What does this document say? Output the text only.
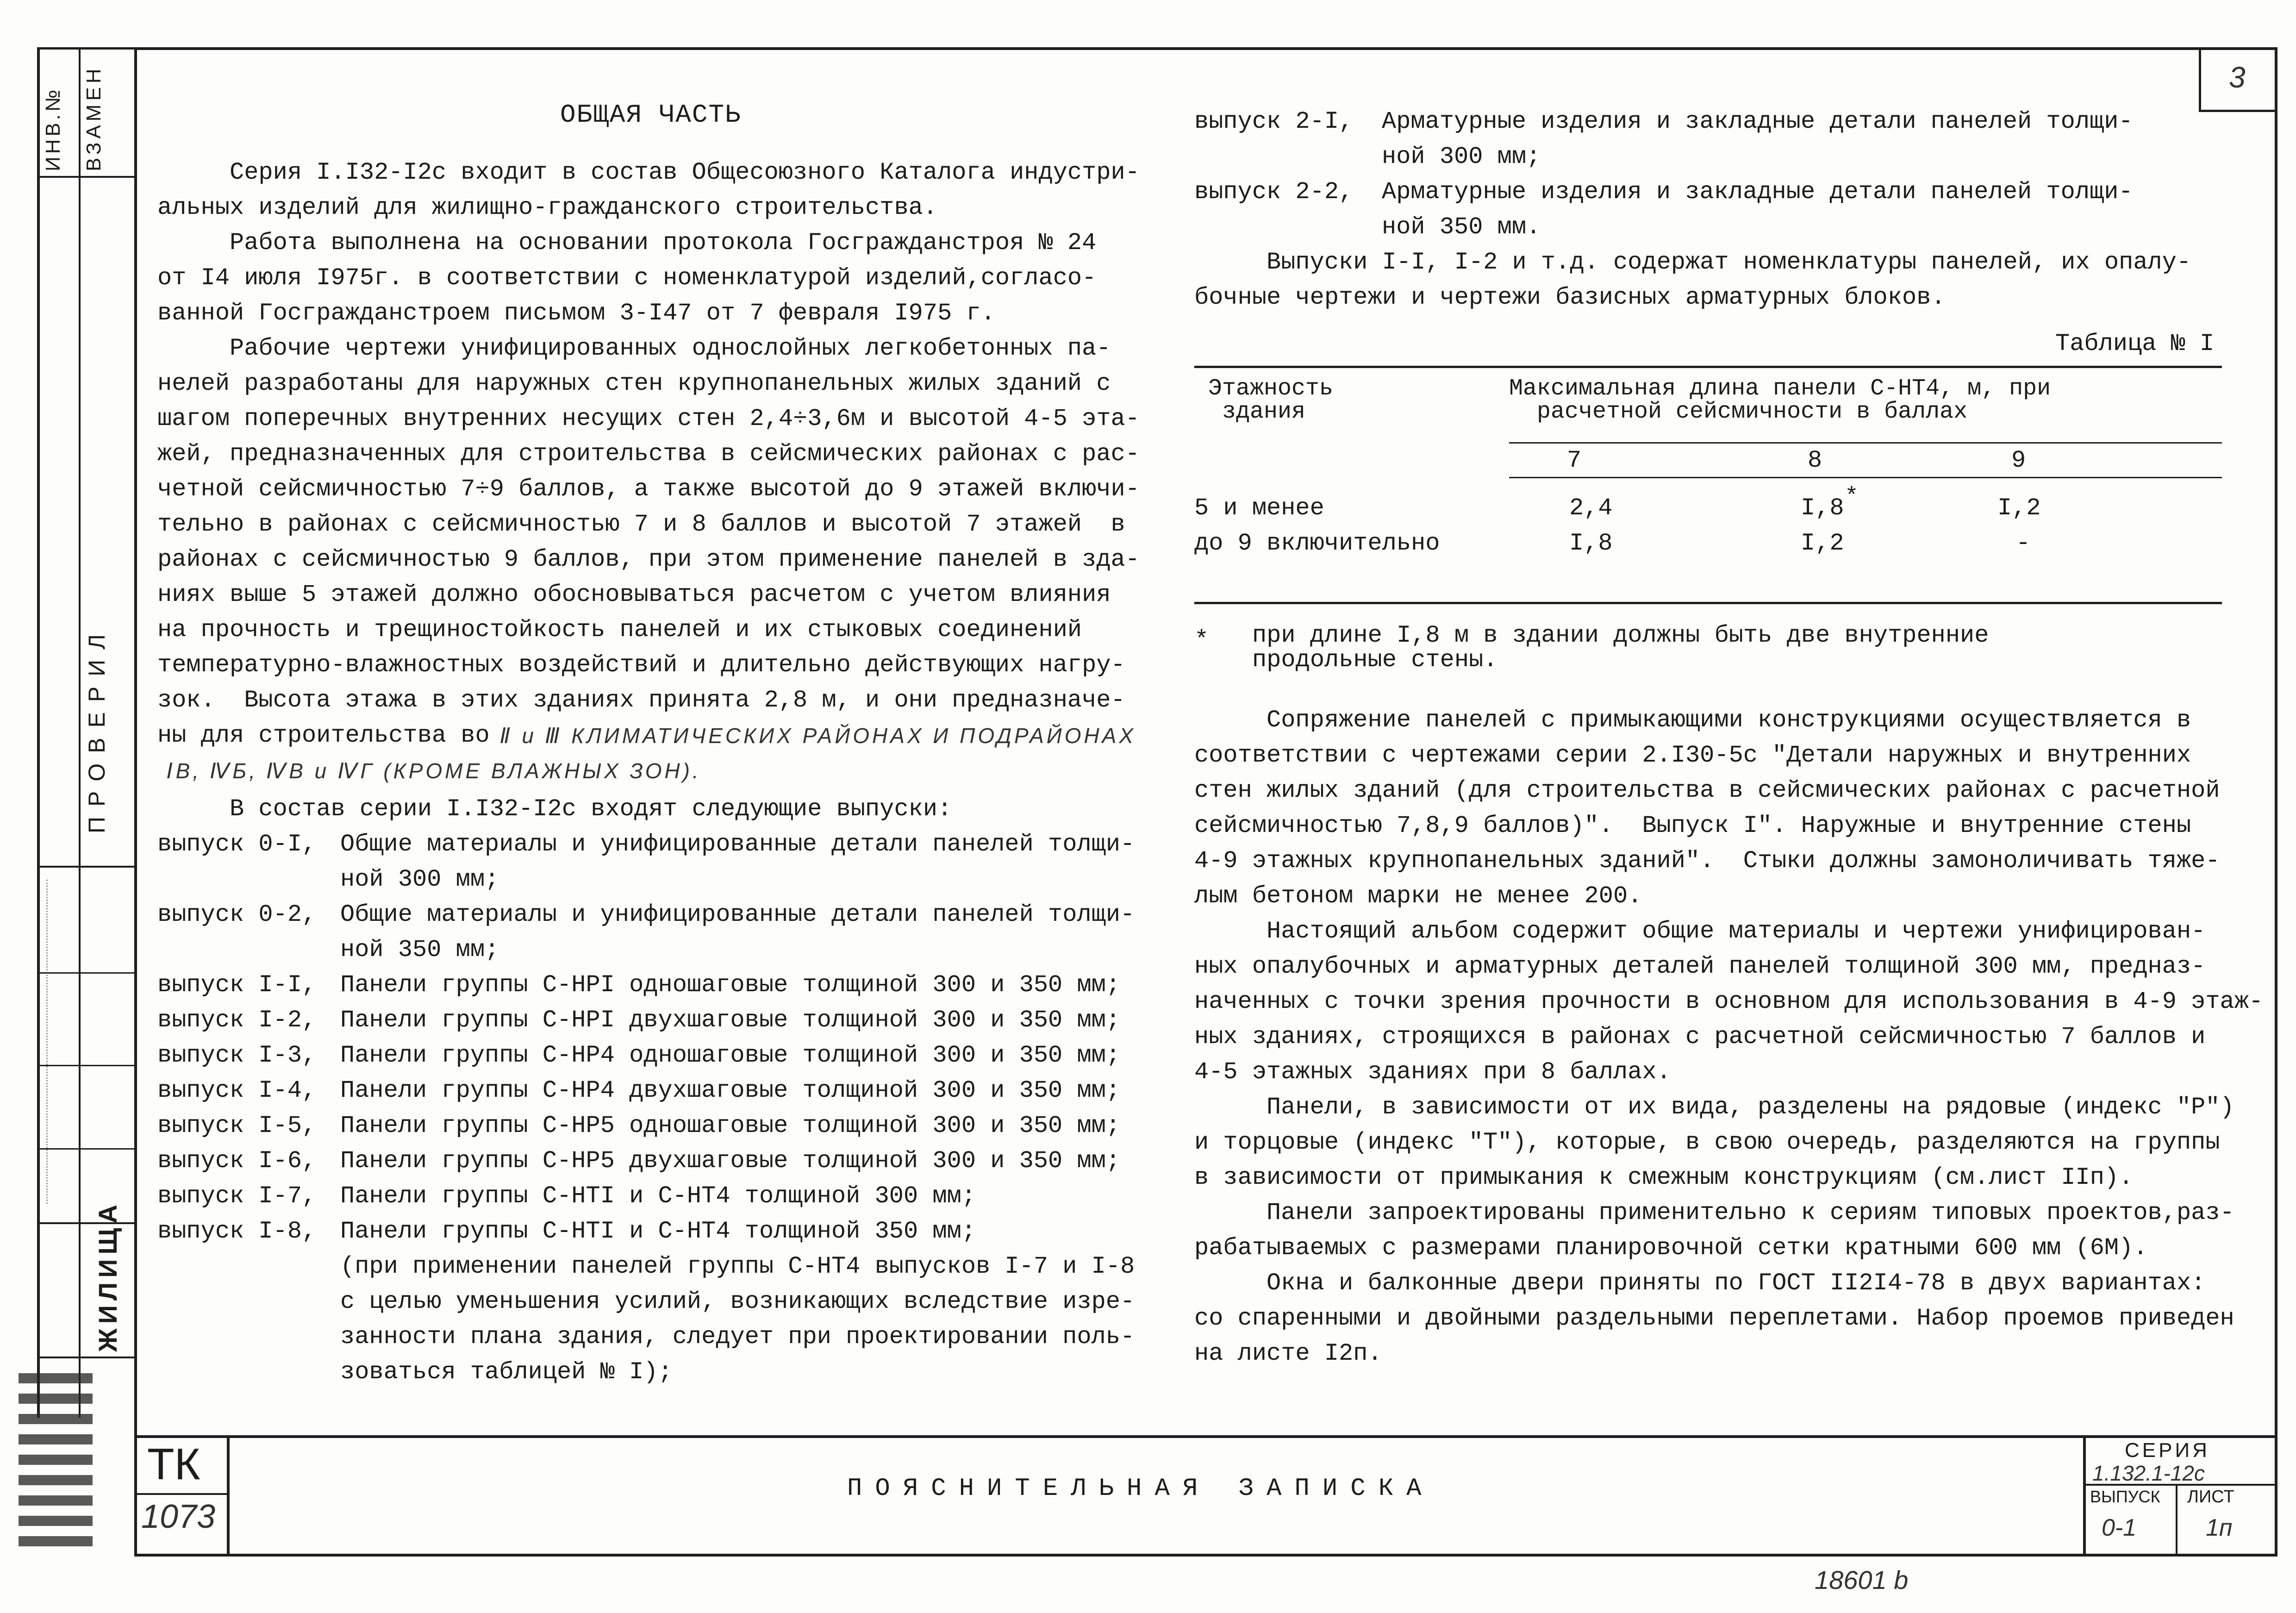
ИНВ.№ ВЗАМЕН
ПРОВЕРИЛ
ЖИЛИЩА
3
ОБЩАЯ ЧАСТЬ
Серия I.I32-I2с входит в состав Общесоюзного Каталога индустри-
альных изделий для жилищно-гражданского строительства.
Работа выполнена на основании протокола Госгражданстроя № 24
от I4 июля I975г. в соответствии с номенклатурой изделий,согласо-
ванной Госгражданстроем письмом 3-I47 от 7 февраля I975 г.
Рабочие чертежи унифицированных однослойных легкобетонных па-
нелей разработаны для наружных стен крупнопанельных жилых зданий с
шагом поперечных внутренних несущих стен 2,4÷3,6м и высотой 4-5 эта-
жей, предназначенных для строительства в сейсмических районах с рас-
четной сейсмичностью 7÷9 баллов, а также высотой до 9 этажей включи-
тельно в районах с сейсмичностью 7 и 8 баллов и высотой 7 этажей  в
районах с сейсмичностью 9 баллов, при этом применение панелей в зда-
ниях выше 5 этажей должно обосновываться расчетом с учетом влияния
на прочность и трещиностойкость панелей и их стыковых соединений
температурно-влажностных воздействий и длительно действующих нагру-
зок.  Высота этажа в этих зданиях принята 2,8 м, и они предназначе-
ны для строительства во Ⅱ и Ⅲ КЛИМАТИЧЕСКИХ РАЙОНАХ И ПОДРАЙОНАХ
ⅠВ, ⅣБ, ⅣВ и ⅣГ (КРОМЕ ВЛАЖНЫХ ЗОН).
В состав серии I.I32-I2с входят следующие выпуски:
выпуск 0-I, Общие материалы и унифицированные детали панелей толщи-
ной 300 мм;
выпуск 0-2, Общие материалы и унифицированные детали панелей толщи-
ной 350 мм;
выпуск I-I, Панели группы С-НРI одношаговые толщиной 300 и 350 мм;
выпуск I-2, Панели группы С-НРI двухшаговые толщиной 300 и 350 мм;
выпуск I-3, Панели группы С-НР4 одношаговые толщиной 300 и 350 мм;
выпуск I-4, Панели группы С-НР4 двухшаговые толщиной 300 и 350 мм;
выпуск I-5, Панели группы С-НР5 одношаговые толщиной 300 и 350 мм;
выпуск I-6, Панели группы С-НР5 двухшаговые толщиной 300 и 350 мм;
выпуск I-7, Панели группы С-НТI и С-НТ4 толщиной 300 мм;
выпуск I-8, Панели группы С-НТI и С-НТ4 толщиной 350 мм;
(при применении панелей группы С-НТ4 выпусков I-7 и I-8
с целью уменьшения усилий, возникающих вследствие изре-
занности плана здания, следует при проектировании поль-
зоваться таблицей № I);
выпуск 2-I, Арматурные изделия и закладные детали панелей толщи-
ной 300 мм;
выпуск 2-2, Арматурные изделия и закладные детали панелей толщи-
ной 350 мм.
Выпуски I-I, I-2 и т.д. содержат номенклатуры панелей, их опалу-
бочные чертежи и чертежи базисных арматурных блоков.
Таблица № I
Этажность
здания
Максимальная длина панели С-НТ4, м, при
расчетной сейсмичности в баллах
7	8	9
5 и менее	2,4	I,8 *	I,2
до 9 включительно	I,8	I,2	-
* при длине I,8 м в здании должны быть две внутренние
продольные стены.
Сопряжение панелей с примыкающими конструкциями осуществляется в
соответствии с чертежами серии 2.I30-5с "Детали наружных и внутренних
стен жилых зданий (для строительства в сейсмических районах с расчетной
сейсмичностью 7,8,9 баллов)".  Выпуск I". Наружные и внутренние стены
4-9 этажных крупнопанельных зданий".  Стыки должны замоноличивать тяже-
лым бетоном марки не менее 200.
Настоящий альбом содержит общие материалы и чертежи унифицирован-
ных опалубочных и арматурных деталей панелей толщиной 300 мм, предназ-
наченных с точки зрения прочности в основном для использования в 4-9 этаж-
ных зданиях, строящихся в районах с расчетной сейсмичностью 7 баллов и
4-5 этажных зданиях при 8 баллах.
Панели, в зависимости от их вида, разделены на рядовые (индекс "Р")
и торцовые (индекс "Т"), которые, в свою очередь, разделяются на группы
в зависимости от примыкания к смежным конструкциям (см.лист IIп).
Панели запроектированы применительно к сериям типовых проектов,раз-
рабатываемых с размерами планировочной сетки кратными 600 мм (6М).
Окна и балконные двери приняты по ГОСТ II2I4-78 в двух вариантах:
со спаренными и двойными раздельными переплетами. Набор проемов приведен
на листе I2п.
ТК
1073
ПОЯСНИТЕЛЬНАЯ ЗАПИСКА
СЕРИЯ
1.132.1-12с
ВЫПУСК ЛИСТ
0-1	1п
18601 b
